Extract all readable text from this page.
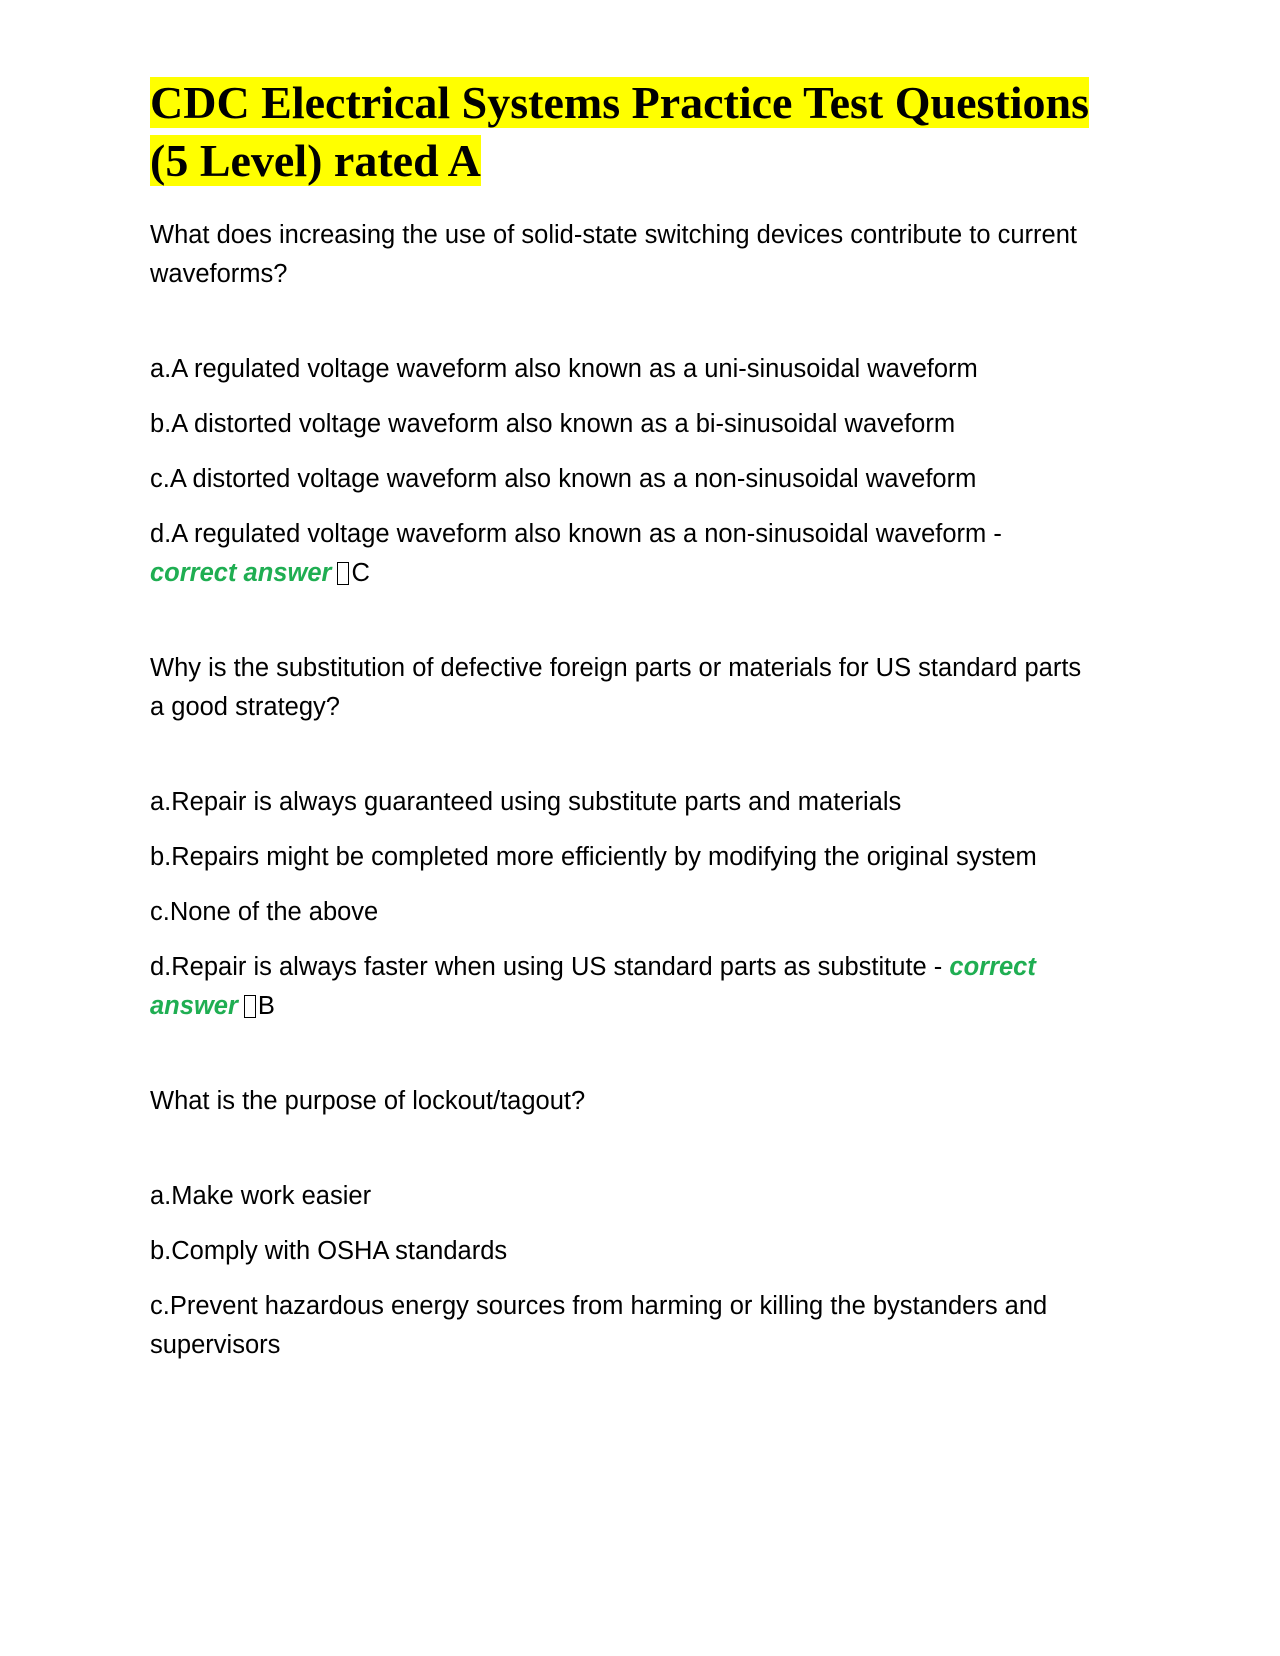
CDC Electrical Systems Practice Test Questions (5 Level) rated A

What does increasing the use of solid-state switching devices contribute to current waveforms?

a.A regulated voltage waveform also known as a uni-sinusoidal waveform

b.A distorted voltage waveform also known as a bi-sinusoidal waveform

c.A distorted voltage waveform also known as a non-sinusoidal waveform

d.A regulated voltage waveform also known as a non-sinusoidal waveform -
correct answer C

Why is the substitution of defective foreign parts or materials for US standard parts a good strategy?

a.Repair is always guaranteed using substitute parts and materials

b.Repairs might be completed more efficiently by modifying the original system

c.None of the above

d.Repair is always faster when using US standard parts as substitute - correct answer B

What is the purpose of lockout/tagout?

a.Make work easier

b.Comply with OSHA standards

c.Prevent hazardous energy sources from harming or killing the bystanders and supervisors
